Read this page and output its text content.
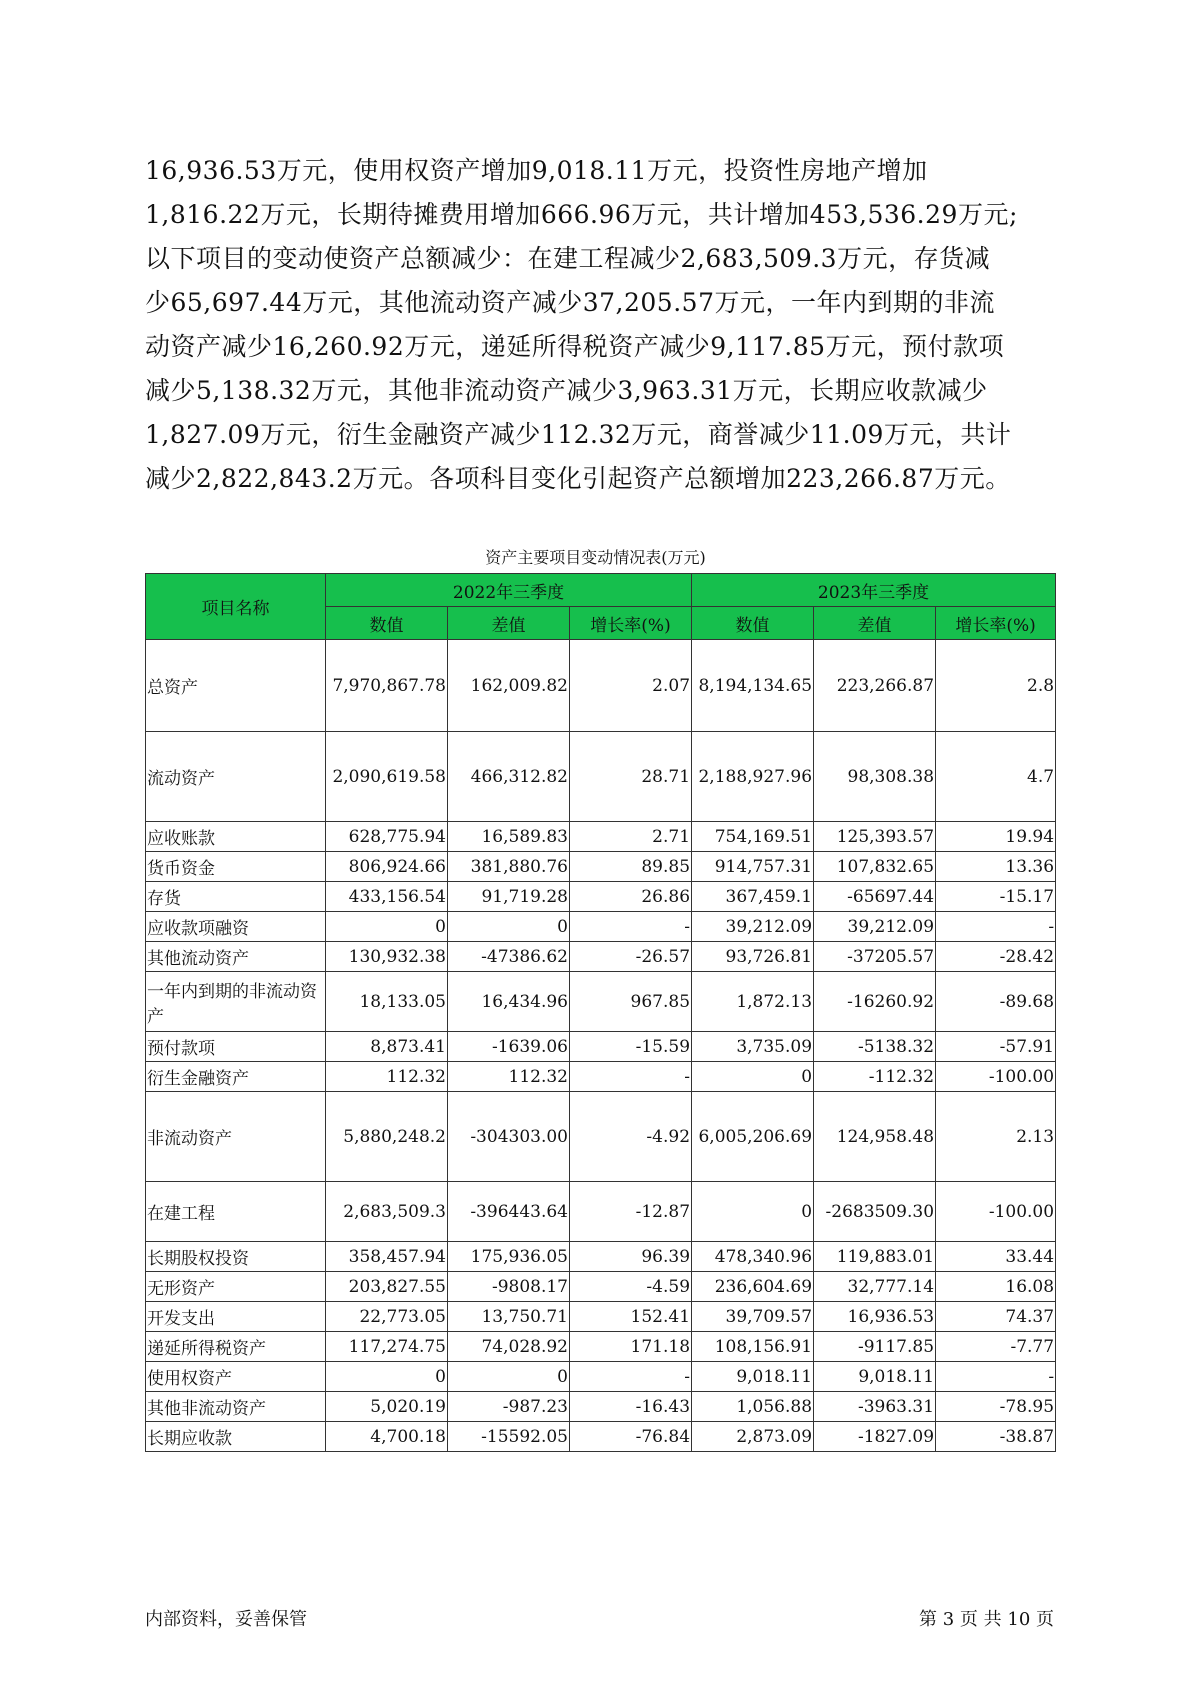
16,936.53万元，使用权资产增加9,018.11万元，投资性房地产增加
1,816.22万元，长期待摊费用增加666.96万元，共计增加453,536.29万元;
以下项目的变动使资产总额减少：在建工程减少2,683,509.3万元，存货减
少65,697.44万元，其他流动资产减少37,205.57万元，一年内到期的非流
动资产减少16,260.92万元，递延所得税资产减少9,117.85万元，预付款项
减少5,138.32万元，其他非流动资产减少3,963.31万元，长期应收款减少
1,827.09万元，衍生金融资产减少112.32万元，商誉减少11.09万元，共计
减少2,822,843.2万元。各项科目变化引起资产总额增加223,266.87万元。
资产主要项目变动情况表(万元)
项目名称	2022年三季度			2023年三季度		
	数值	差值	增长率(%)	数值	差值	增长率(%)
总资产	7,970,867.78	162,009.82	2.07	8,194,134.65	223,266.87	2.8
流动资产	2,090,619.58	466,312.82	28.71	2,188,927.96	98,308.38	4.7
应收账款	628,775.94	16,589.83	2.71	754,169.51	125,393.57	19.94
货币资金	806,924.66	381,880.76	89.85	914,757.31	107,832.65	13.36
存货	433,156.54	91,719.28	26.86	367,459.1	-65697.44	-15.17
应收款项融资	0	0	-	39,212.09	39,212.09	-
其他流动资产	130,932.38	-47386.62	-26.57	93,726.81	-37205.57	-28.42
一年内到期的非流动资产	18,133.05	16,434.96	967.85	1,872.13	-16260.92	-89.68
预付款项	8,873.41	-1639.06	-15.59	3,735.09	-5138.32	-57.91
衍生金融资产	112.32	112.32	-	0	-112.32	-100.00
非流动资产	5,880,248.2	-304303.00	-4.92	6,005,206.69	124,958.48	2.13
在建工程	2,683,509.3	-396443.64	-12.87	0	-2683509.30	-100.00
长期股权投资	358,457.94	175,936.05	96.39	478,340.96	119,883.01	33.44
无形资产	203,827.55	-9808.17	-4.59	236,604.69	32,777.14	16.08
开发支出	22,773.05	13,750.71	152.41	39,709.57	16,936.53	74.37
递延所得税资产	117,274.75	74,028.92	171.18	108,156.91	-9117.85	-7.77
使用权资产	0	0	-	9,018.11	9,018.11	-
其他非流动资产	5,020.19	-987.23	-16.43	1,056.88	-3963.31	-78.95
长期应收款	4,700.18	-15592.05	-76.84	2,873.09	-1827.09	-38.87
内部资料，妥善保管	第 3 页 共 10 页
